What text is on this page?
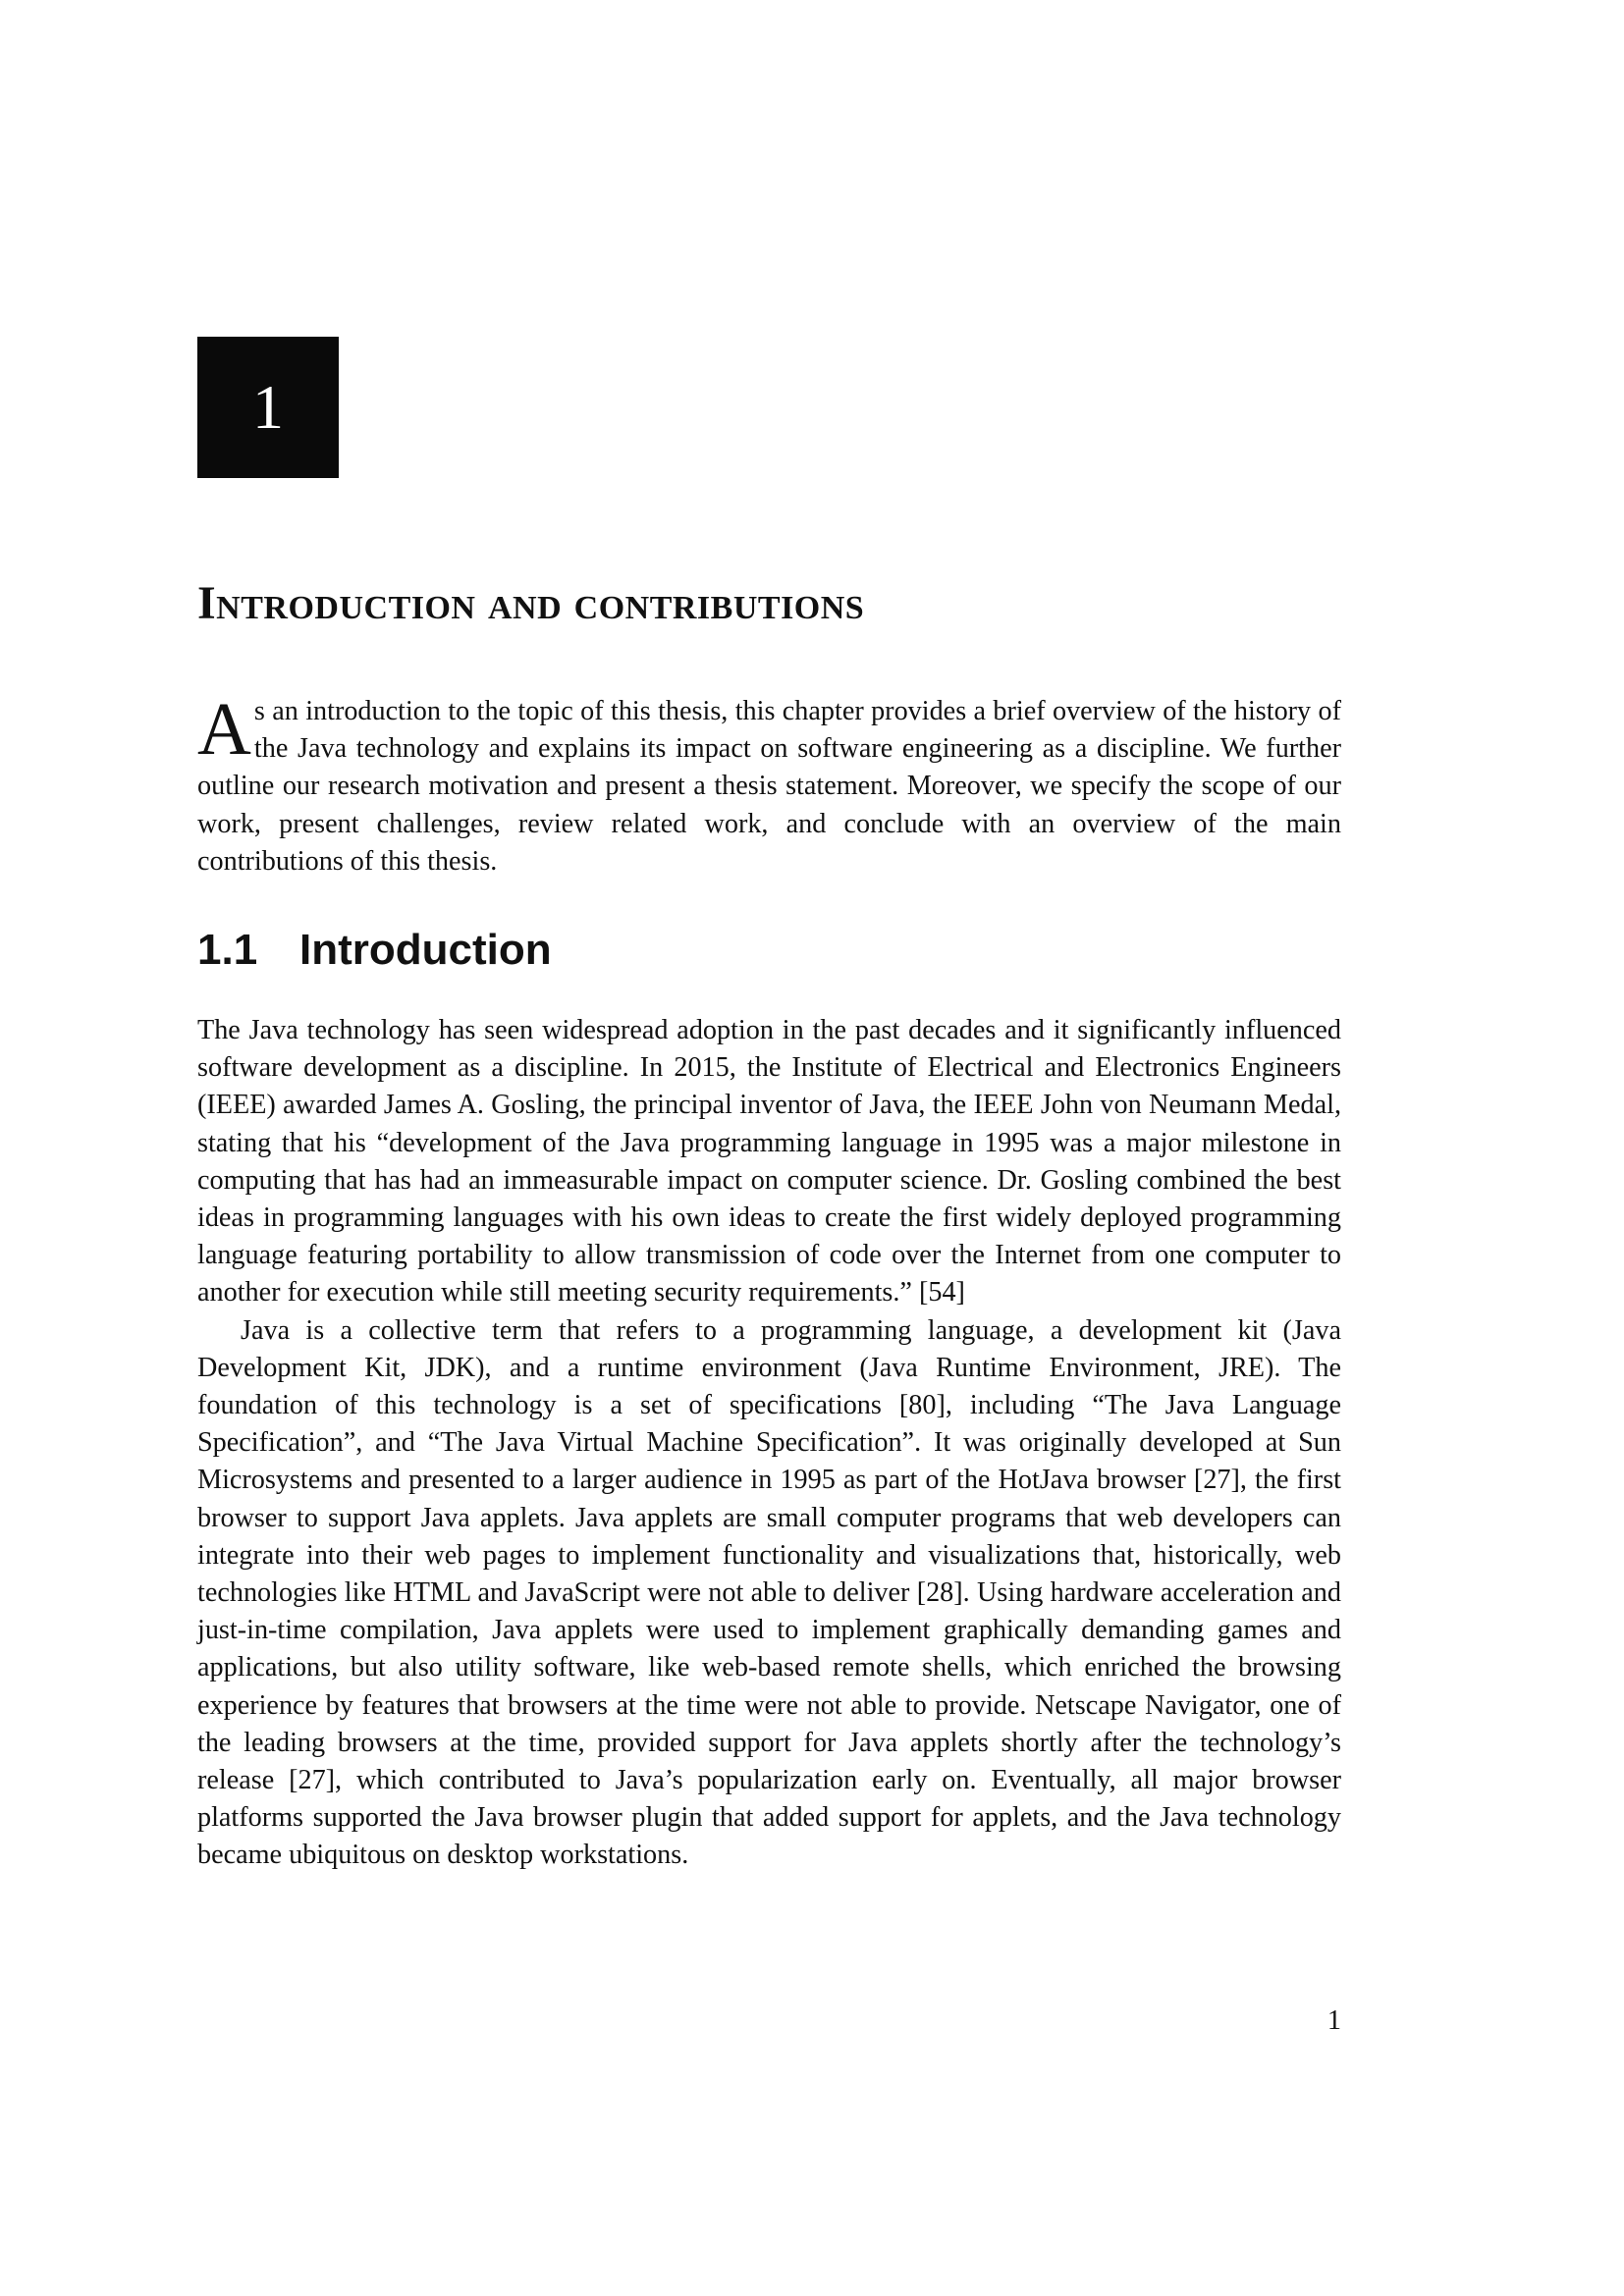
1
Introduction and contributions

As an introduction to the topic of this thesis, this chapter provides a brief overview of the history of the Java technology and explains its impact on software engineering as a discipline. We further outline our research motivation and present a thesis statement. Moreover, we specify the scope of our work, present challenges, review related work, and conclude with an overview of the main contributions of this thesis.

1.1 Introduction

The Java technology has seen widespread adoption in the past decades and it significantly influenced software development as a discipline. In 2015, the Institute of Electrical and Electronics Engineers (IEEE) awarded James A. Gosling, the principal inventor of Java, the IEEE John von Neumann Medal, stating that his “development of the Java programming language in 1995 was a major milestone in computing that has had an immeasurable impact on computer science. Dr. Gosling combined the best ideas in programming languages with his own ideas to create the first widely deployed programming language featuring portability to allow transmission of code over the Internet from one computer to another for execution while still meeting security requirements.” [54]

Java is a collective term that refers to a programming language, a development kit (Java Development Kit, JDK), and a runtime environment (Java Runtime Environment, JRE). The foundation of this technology is a set of specifications [80], including “The Java Language Specification”, and “The Java Virtual Machine Specification”. It was originally developed at Sun Microsystems and presented to a larger audience in 1995 as part of the HotJava browser [27], the first browser to support Java applets. Java applets are small computer programs that web developers can integrate into their web pages to implement functionality and visualizations that, historically, web technologies like HTML and JavaScript were not able to deliver [28]. Using hardware acceleration and just-in-time compilation, Java applets were used to implement graphically demanding games and applications, but also utility software, like web-based remote shells, which enriched the browsing experience by features that browsers at the time were not able to provide. Netscape Navigator, one of the leading browsers at the time, provided support for Java applets shortly after the technology’s release [27], which contributed to Java’s popularization early on. Eventually, all major browser platforms supported the Java browser plugin that added support for applets, and the Java technology became ubiquitous on desktop workstations.

1
